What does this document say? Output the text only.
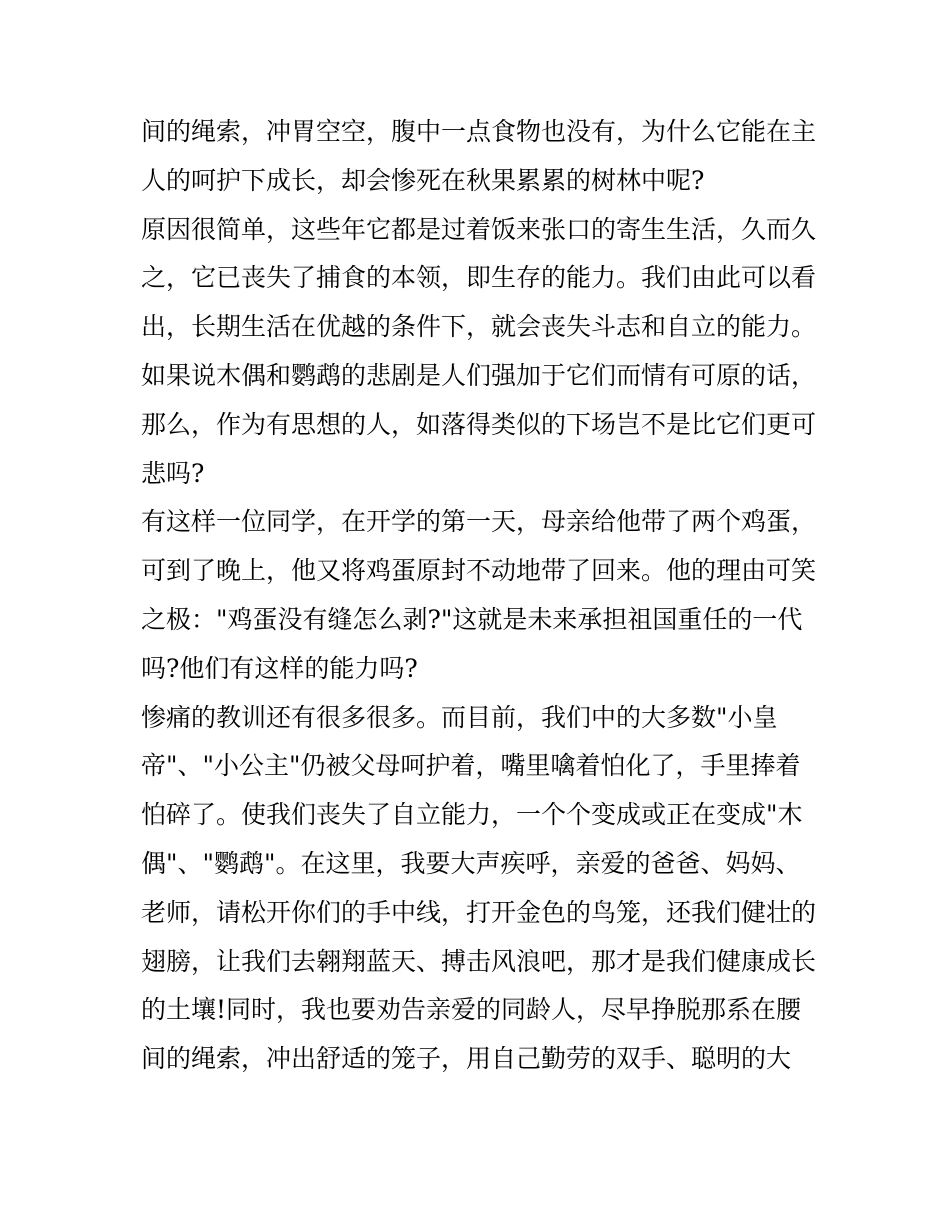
间的绳索，冲胃空空，腹中一点食物也没有，为什么它能在主
人的呵护下成长，却会惨死在秋果累累的树林中呢?
原因很简单，这些年它都是过着饭来张口的寄生生活，久而久
之，它已丧失了捕食的本领，即生存的能力。我们由此可以看
出，长期生活在优越的条件下，就会丧失斗志和自立的能力。
如果说木偶和鹦鹉的悲剧是人们强加于它们而情有可原的话，
那么，作为有思想的人，如落得类似的下场岂不是比它们更可
悲吗?
有这样一位同学，在开学的第一天，母亲给他带了两个鸡蛋，
可到了晚上，他又将鸡蛋原封不动地带了回来。他的理由可笑
之极："鸡蛋没有缝怎么剥?"这就是未来承担祖国重任的一代
吗?他们有这样的能力吗?
惨痛的教训还有很多很多。而目前，我们中的大多数"小皇
帝"、"小公主"仍被父母呵护着，嘴里噙着怕化了，手里捧着
怕碎了。使我们丧失了自立能力，一个个变成或正在变成"木
偶"、"鹦鹉"。在这里，我要大声疾呼，亲爱的爸爸、妈妈、
老师，请松开你们的手中线，打开金色的鸟笼，还我们健壮的
翅膀，让我们去翱翔蓝天、搏击风浪吧，那才是我们健康成长
的土壤!同时，我也要劝告亲爱的同龄人，尽早挣脱那系在腰
间的绳索，冲出舒适的笼子，用自己勤劳的双手、聪明的大
